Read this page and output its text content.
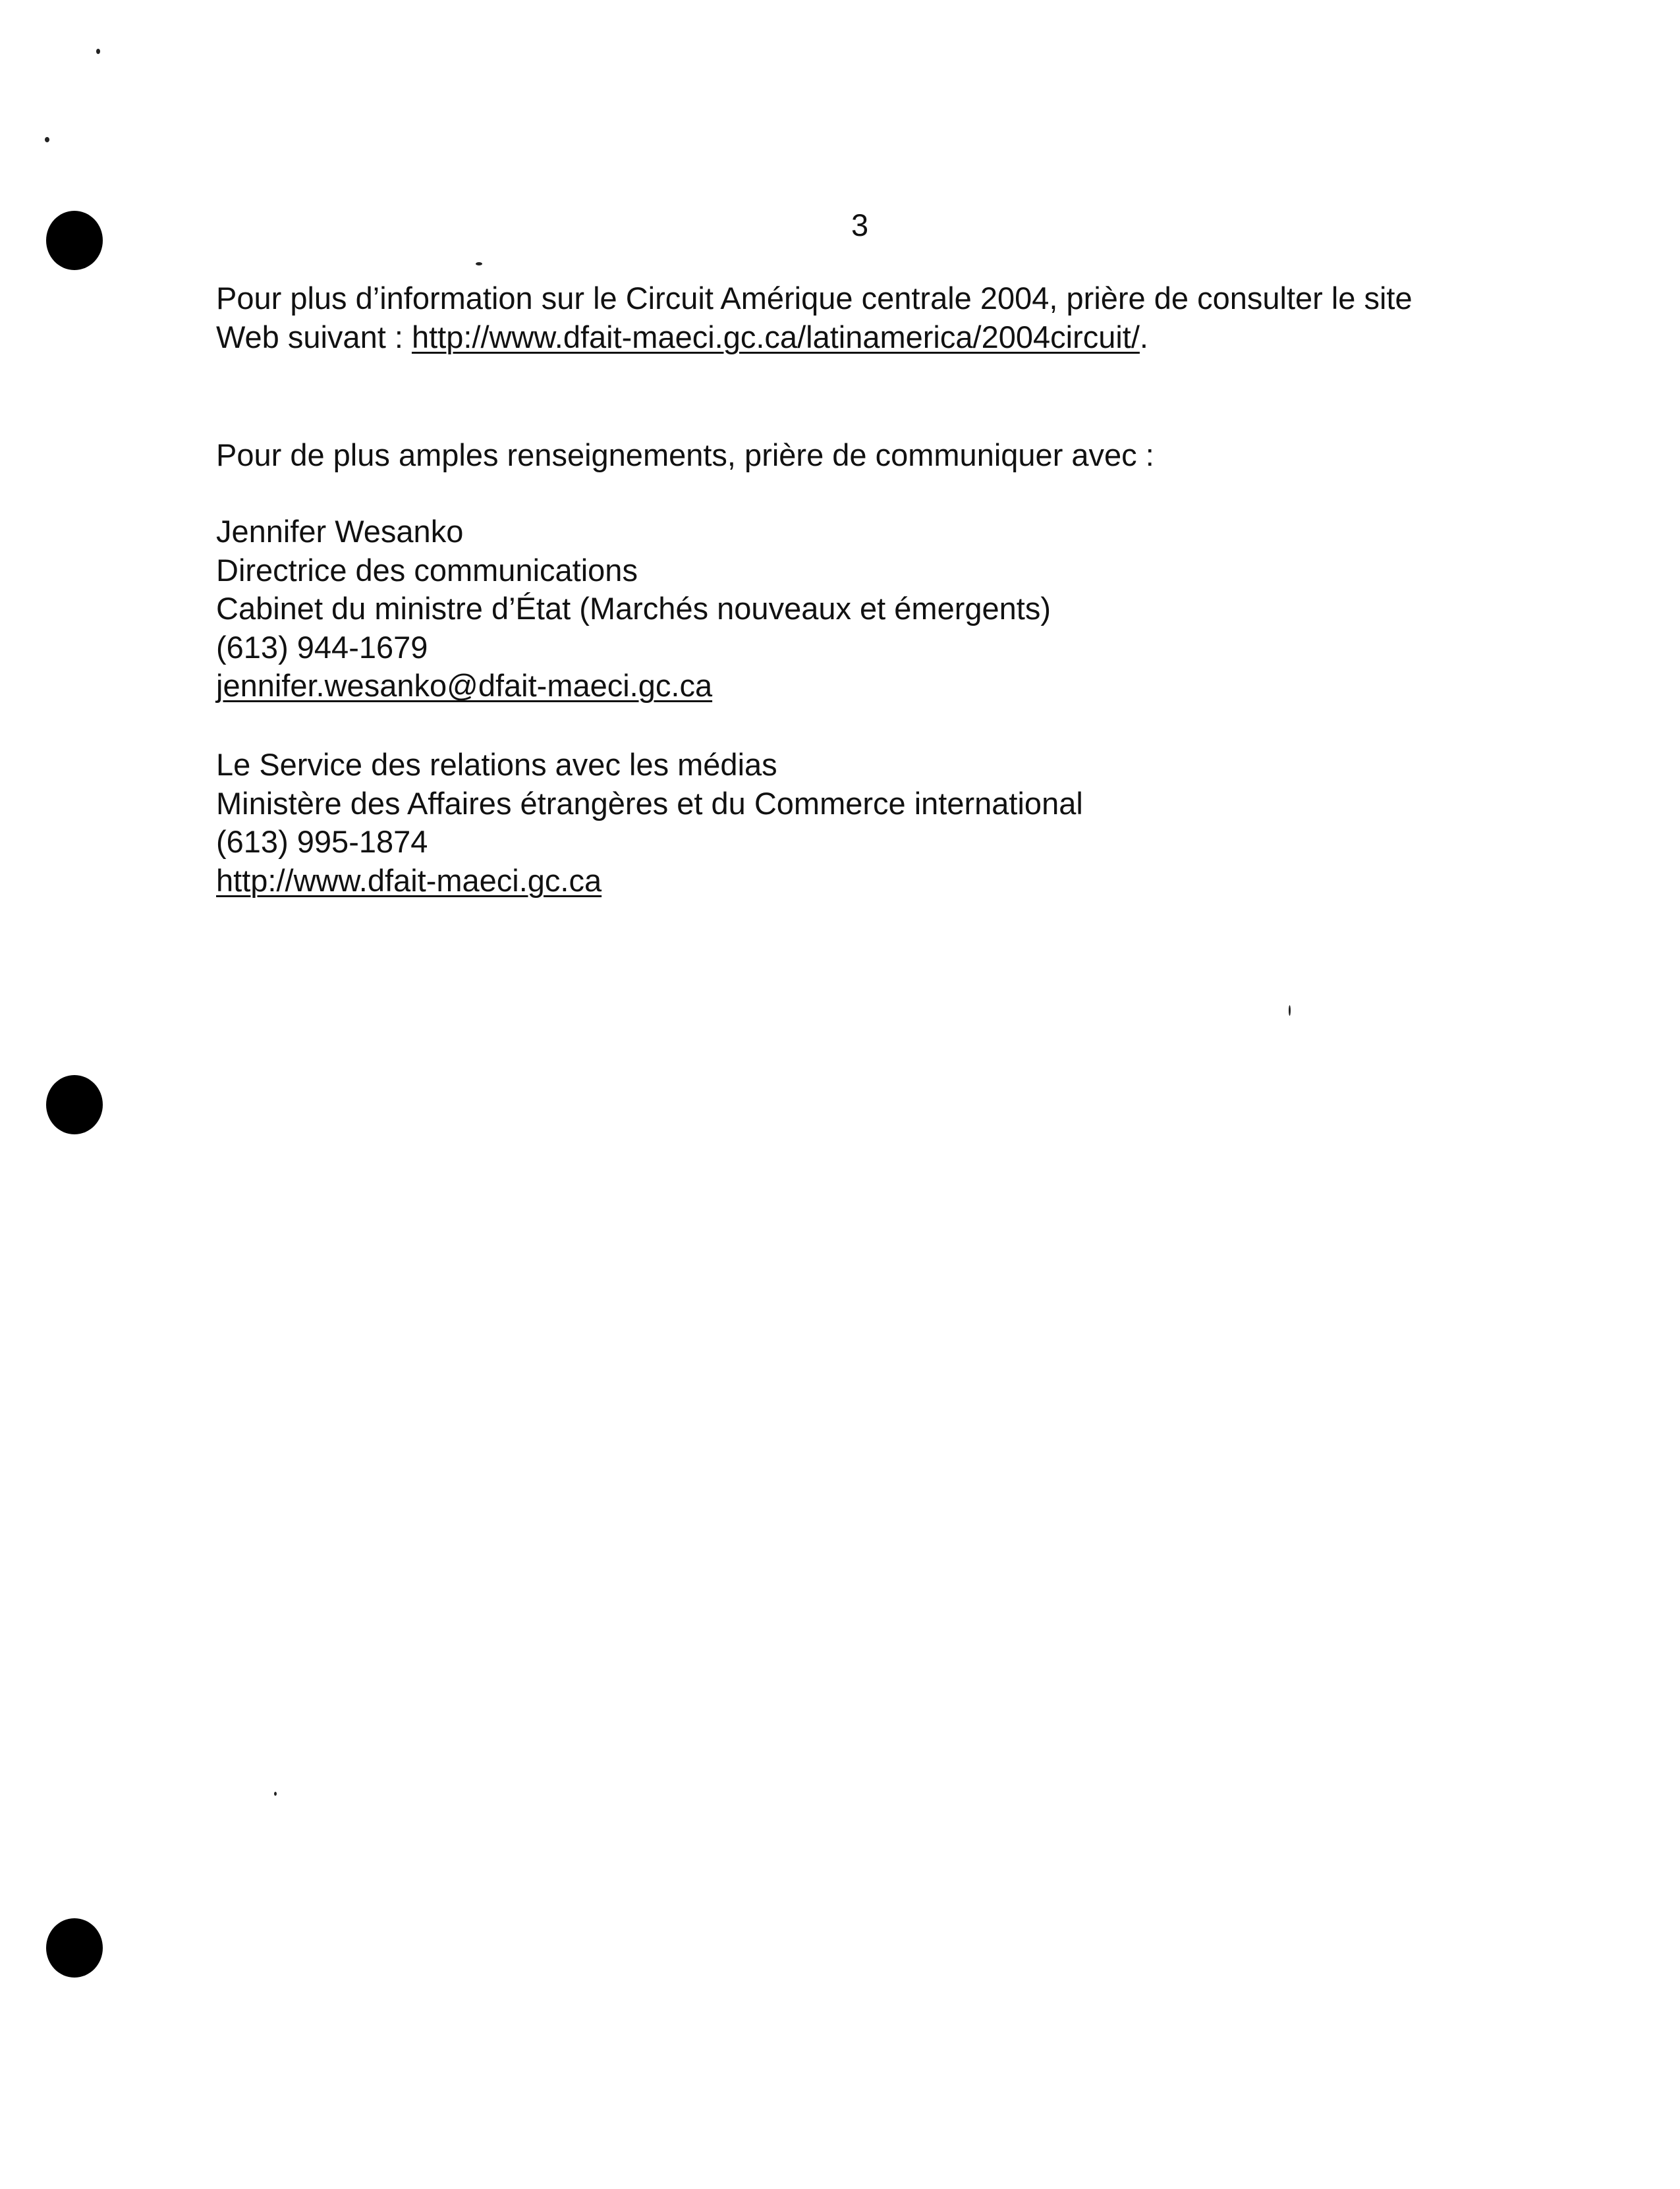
3
Pour plus d’information sur le Circuit Amérique centrale 2004, prière de consulter le site
Web suivant : http://www.dfait-maeci.gc.ca/latinamerica/2004circuit/.
Pour de plus amples renseignements, prière de communiquer avec :
Jennifer Wesanko
Directrice des communications
Cabinet du ministre d’État (Marchés nouveaux et émergents)
(613) 944-1679
jennifer.wesanko@dfait-maeci.gc.ca
Le Service des relations avec les médias
Ministère des Affaires étrangères et du Commerce international
(613) 995-1874
http://www.dfait-maeci.gc.ca
